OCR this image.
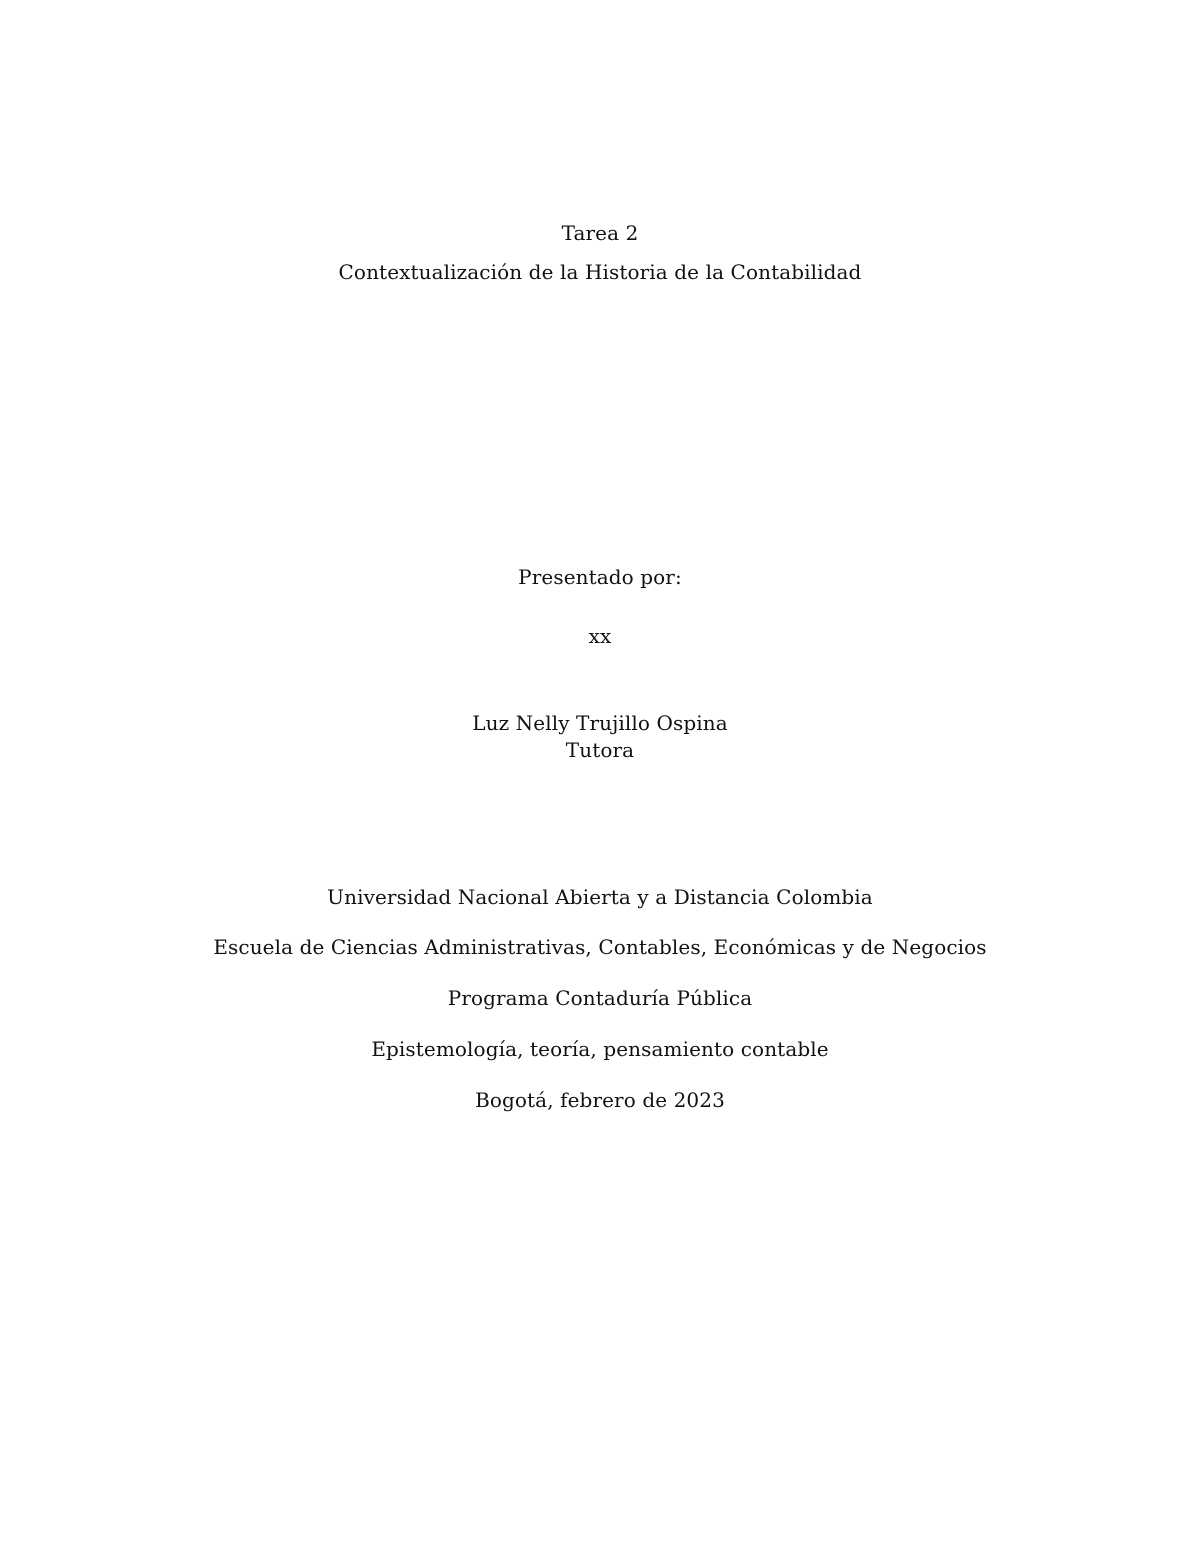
Tarea 2
Contextualización de la Historia de la Contabilidad
Presentado por:
xx
Luz Nelly Trujillo Ospina
Tutora
Universidad Nacional Abierta y a Distancia Colombia
Escuela de Ciencias Administrativas, Contables, Económicas y de Negocios
Programa Contaduría Pública
Epistemología, teoría, pensamiento contable
Bogotá, febrero de 2023
